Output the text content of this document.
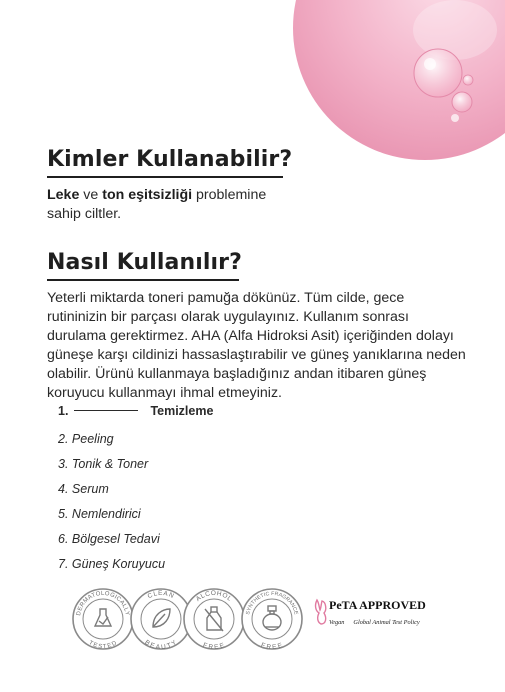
Kimler Kullanabilir?

Leke ve ton eşitsizliği problemine sahip ciltler.

Nasıl Kullanılır?

Yeterli miktarda toneri pamuğa dökünüz. Tüm cilde, gece rutininizin bir parçası olarak uygulayınız. Kullanım sonrası durulama gerektirmez. AHA (Alfa Hidroksi Asit) içeriğinden dolayı güneşe karşı cildinizi hassaslaştırabilir ve güneş yanıklarına neden olabilir. Ürünü kullanmaya başladığınız andan itibaren güneş koruyucu kullanmayı ihmal etmeyiniz.

1.	Temizleme
2. Peeling
3. Tonik & Toner
4. Serum
5. Nemlendirici
6. Bölgesel Tedavi
7. Güneş Koruyucu
DERMATOLOGICALLY
TESTED
CLEAN
BEAUTY
ALCOHOL
FREE
SYNTHETIC FRAGRANCE
FREE
PeTA APPROVED
Vegan Global Animal Test Policy
